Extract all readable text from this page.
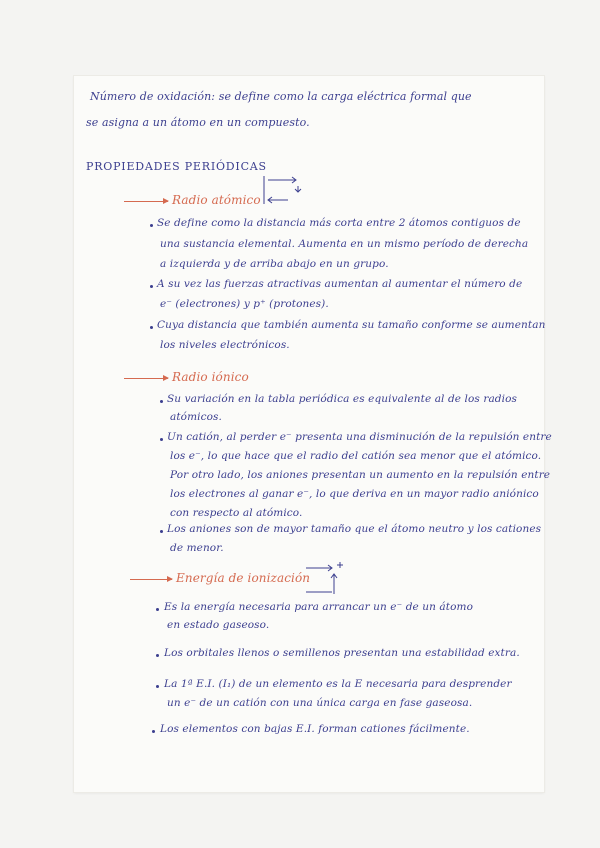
Número de oxidación: se define como la carga eléctrica formal que
se asigna a un átomo en un compuesto.
PROPIEDADES PERIÓDICAS
Radio atómico
Se define como la distancia más corta entre 2 átomos contiguos de
una sustancia elemental. Aumenta en un mismo período de derecha
a izquierda y de arriba abajo en un grupo.
A su vez las fuerzas atractivas aumentan al aumentar el número de
e⁻ (electrones) y p⁺ (protones).
Cuya distancia que también aumenta su tamaño conforme se aumentan
los niveles electrónicos.
Radio iónico
Su variación en la tabla periódica es equivalente al de los radios
atómicos.
Un catión, al perder e⁻ presenta una disminución de la repulsión entre
los e⁻, lo que hace que el radio del catión sea menor que el atómico.
Por otro lado, los aniones presentan un aumento en la repulsión entre
los electrones al ganar e⁻, lo que deriva en un mayor radio aniónico
con respecto al atómico.
Los aniones son de mayor tamaño que el átomo neutro y los cationes
de menor.
Energía de ionización
Es la energía necesaria para arrancar un e⁻ de un átomo
en estado gaseoso.
Los orbitales llenos o semillenos presentan una estabilidad extra.
La 1ª E.I. (I₁) de un elemento es la E necesaria para desprender
un e⁻ de un catión con una única carga en fase gaseosa.
Los elementos con bajas E.I. forman cationes fácilmente.
